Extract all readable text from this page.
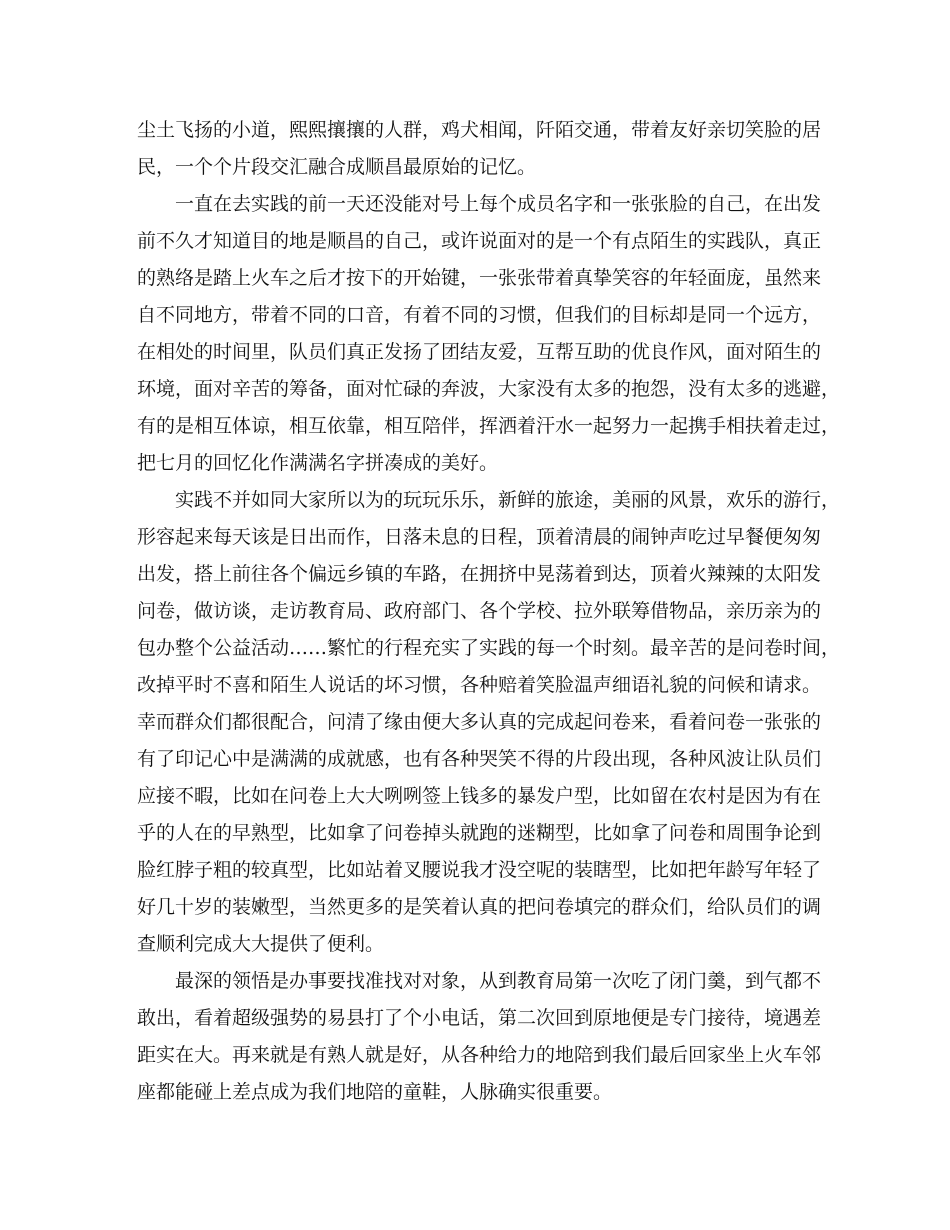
尘土飞扬的小道，熙熙攘攘的人群，鸡犬相闻，阡陌交通，带着友好亲切笑脸的居

民，一个个片段交汇融合成顺昌最原始的记忆。

一直在去实践的前一天还没能对号上每个成员名字和一张张脸的自己，在出发

前不久才知道目的地是顺昌的自己，或许说面对的是一个有点陌生的实践队，真正

的熟络是踏上火车之后才按下的开始键，一张张带着真挚笑容的年轻面庞，虽然来

自不同地方，带着不同的口音，有着不同的习惯，但我们的目标却是同一个远方，

在相处的时间里，队员们真正发扬了团结友爱，互帮互助的优良作风，面对陌生的

环境，面对辛苦的筹备，面对忙碌的奔波，大家没有太多的抱怨，没有太多的逃避，

有的是相互体谅，相互依靠，相互陪伴，挥洒着汗水一起努力一起携手相扶着走过，

把七月的回忆化作满满名字拼凑成的美好。

实践不并如同大家所以为的玩玩乐乐，新鲜的旅途，美丽的风景，欢乐的游行，

形容起来每天该是日出而作，日落未息的日程，顶着清晨的闹钟声吃过早餐便匆匆

出发，搭上前往各个偏远乡镇的车路，在拥挤中晃荡着到达，顶着火辣辣的太阳发

问卷，做访谈，走访教育局、政府部门、各个学校、拉外联筹借物品，亲历亲为的

包办整个公益活动……繁忙的行程充实了实践的每一个时刻。最辛苦的是问卷时间，

改掉平时不喜和陌生人说话的坏习惯，各种赔着笑脸温声细语礼貌的问候和请求。

幸而群众们都很配合，问清了缘由便大多认真的完成起问卷来，看着问卷一张张的

有了印记心中是满满的成就感，也有各种哭笑不得的片段出现，各种风波让队员们

应接不暇，比如在问卷上大大咧咧签上钱多的暴发户型，比如留在农村是因为有在

乎的人在的早熟型，比如拿了问卷掉头就跑的迷糊型，比如拿了问卷和周围争论到

脸红脖子粗的较真型，比如站着叉腰说我才没空呢的装瞎型，比如把年龄写年轻了

好几十岁的装嫩型，当然更多的是笑着认真的把问卷填完的群众们，给队员们的调

查顺利完成大大提供了便利。

最深的领悟是办事要找准找对对象，从到教育局第一次吃了闭门羹，到气都不

敢出，看着超级强势的易县打了个小电话，第二次回到原地便是专门接待，境遇差

距实在大。再来就是有熟人就是好，从各种给力的地陪到我们最后回家坐上火车邻

座都能碰上差点成为我们地陪的童鞋，人脉确实很重要。
